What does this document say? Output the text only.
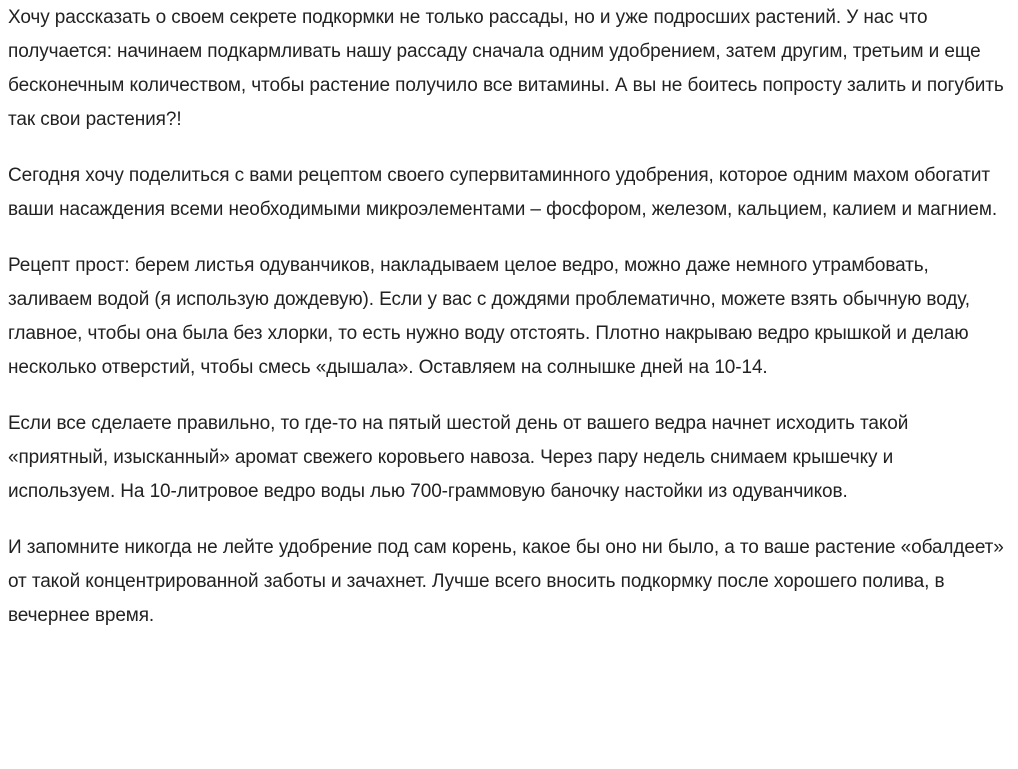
Хочу рассказать о своем секрете подкормки не только рассады, но и уже подросших растений. У нас что получается: начинаем подкармливать нашу рассаду сначала одним удобрением, затем другим, третьим и еще бесконечным количеством, чтобы растение получило все витамины. А вы не боитесь попросту залить и погубить так свои растения?!

Сегодня хочу поделиться с вами рецептом своего супервитаминного удобрения, которое одним махом обогатит ваши насаждения всеми необходимыми микроэлементами – фосфором, железом, кальцием, калием и магнием.

Рецепт прост: берем листья одуванчиков, накладываем целое ведро, можно даже немного утрамбовать, заливаем водой (я использую дождевую). Если у вас с дождями проблематично, можете взять обычную воду, главное, чтобы она была без хлорки, то есть нужно воду отстоять. Плотно накрываю ведро крышкой и делаю несколько отверстий, чтобы смесь «дышала». Оставляем на солнышке дней на 10-14.

Если все сделаете правильно, то где-то на пятый шестой день от вашего ведра начнет исходить такой «приятный, изысканный» аромат свежего коровьего навоза. Через пару недель снимаем крышечку и используем. На 10-литровое ведро воды лью 700-граммовую баночку настойки из одуванчиков.

И запомните никогда не лейте удобрение под сам корень, какое бы оно ни было, а то ваше растение «обалдеет» от такой концентрированной заботы и зачахнет. Лучше всего вносить подкормку после хорошего полива, в вечернее время.
